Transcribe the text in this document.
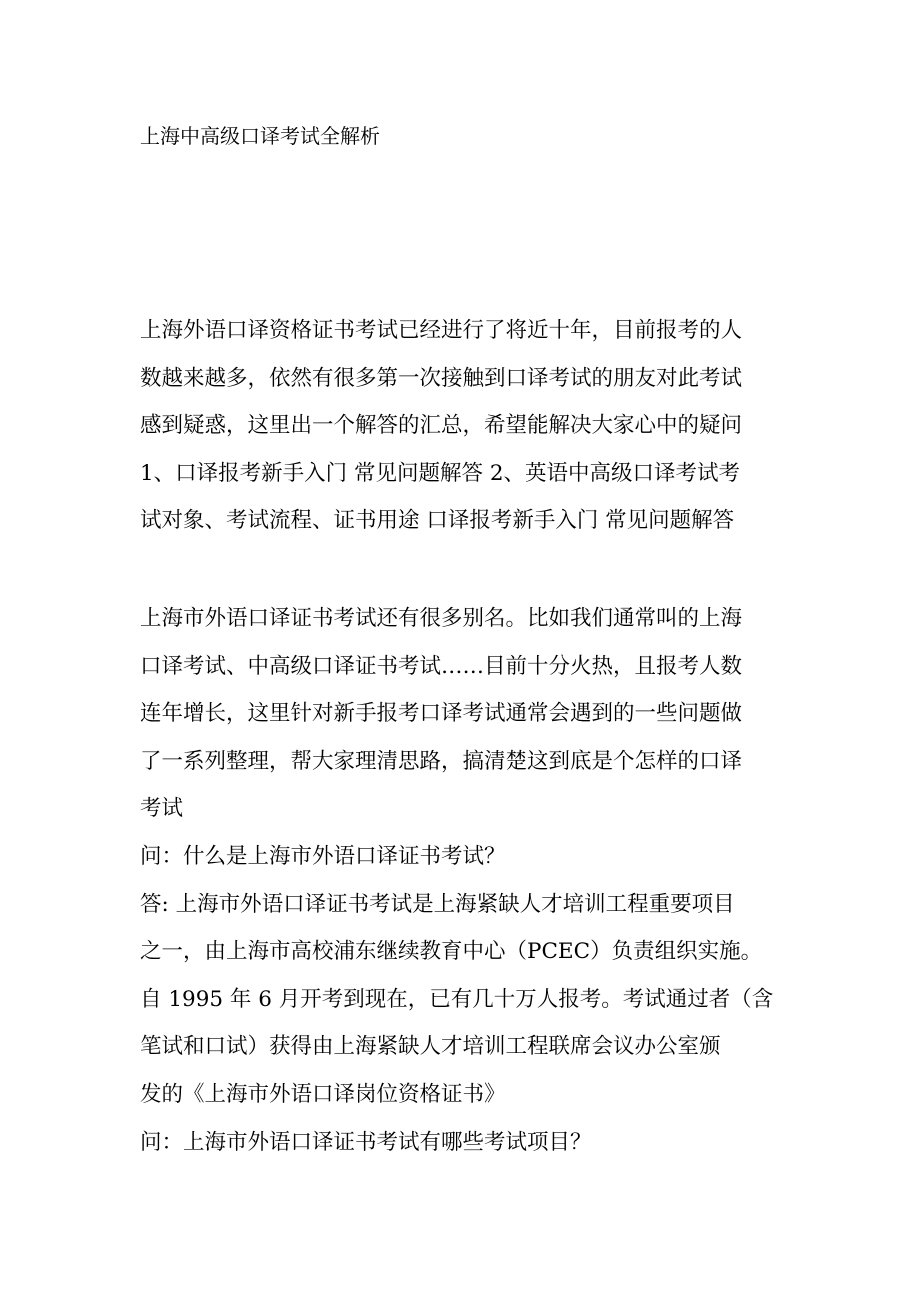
上海中高级口译考试全解析
上海外语口译资格证书考试已经进行了将近十年，目前报考的人
数越来越多，依然有很多第一次接触到口译考试的朋友对此考试
感到疑惑，这里出一个解答的汇总，希望能解决大家心中的疑问
1、口译报考新手入门 常见问题解答 2、英语中高级口译考试考
试对象、考试流程、证书用途 口译报考新手入门 常见问题解答
上海市外语口译证书考试还有很多别名。比如我们通常叫的上海
口译考试、中高级口译证书考试……目前十分火热，且报考人数
连年增长，这里针对新手报考口译考试通常会遇到的一些问题做
了一系列整理，帮大家理清思路，搞清楚这到底是个怎样的口译
考试
问：什么是上海市外语口译证书考试？
答: 上海市外语口译证书考试是上海紧缺人才培训工程重要项目
之一，由上海市高校浦东继续教育中心（PCEC）负责组织实施。
自 1995 年 6 月开考到现在，已有几十万人报考。考试通过者（含
笔试和口试）获得由上海紧缺人才培训工程联席会议办公室颁
发的《上海市外语口译岗位资格证书》
问：上海市外语口译证书考试有哪些考试项目？
